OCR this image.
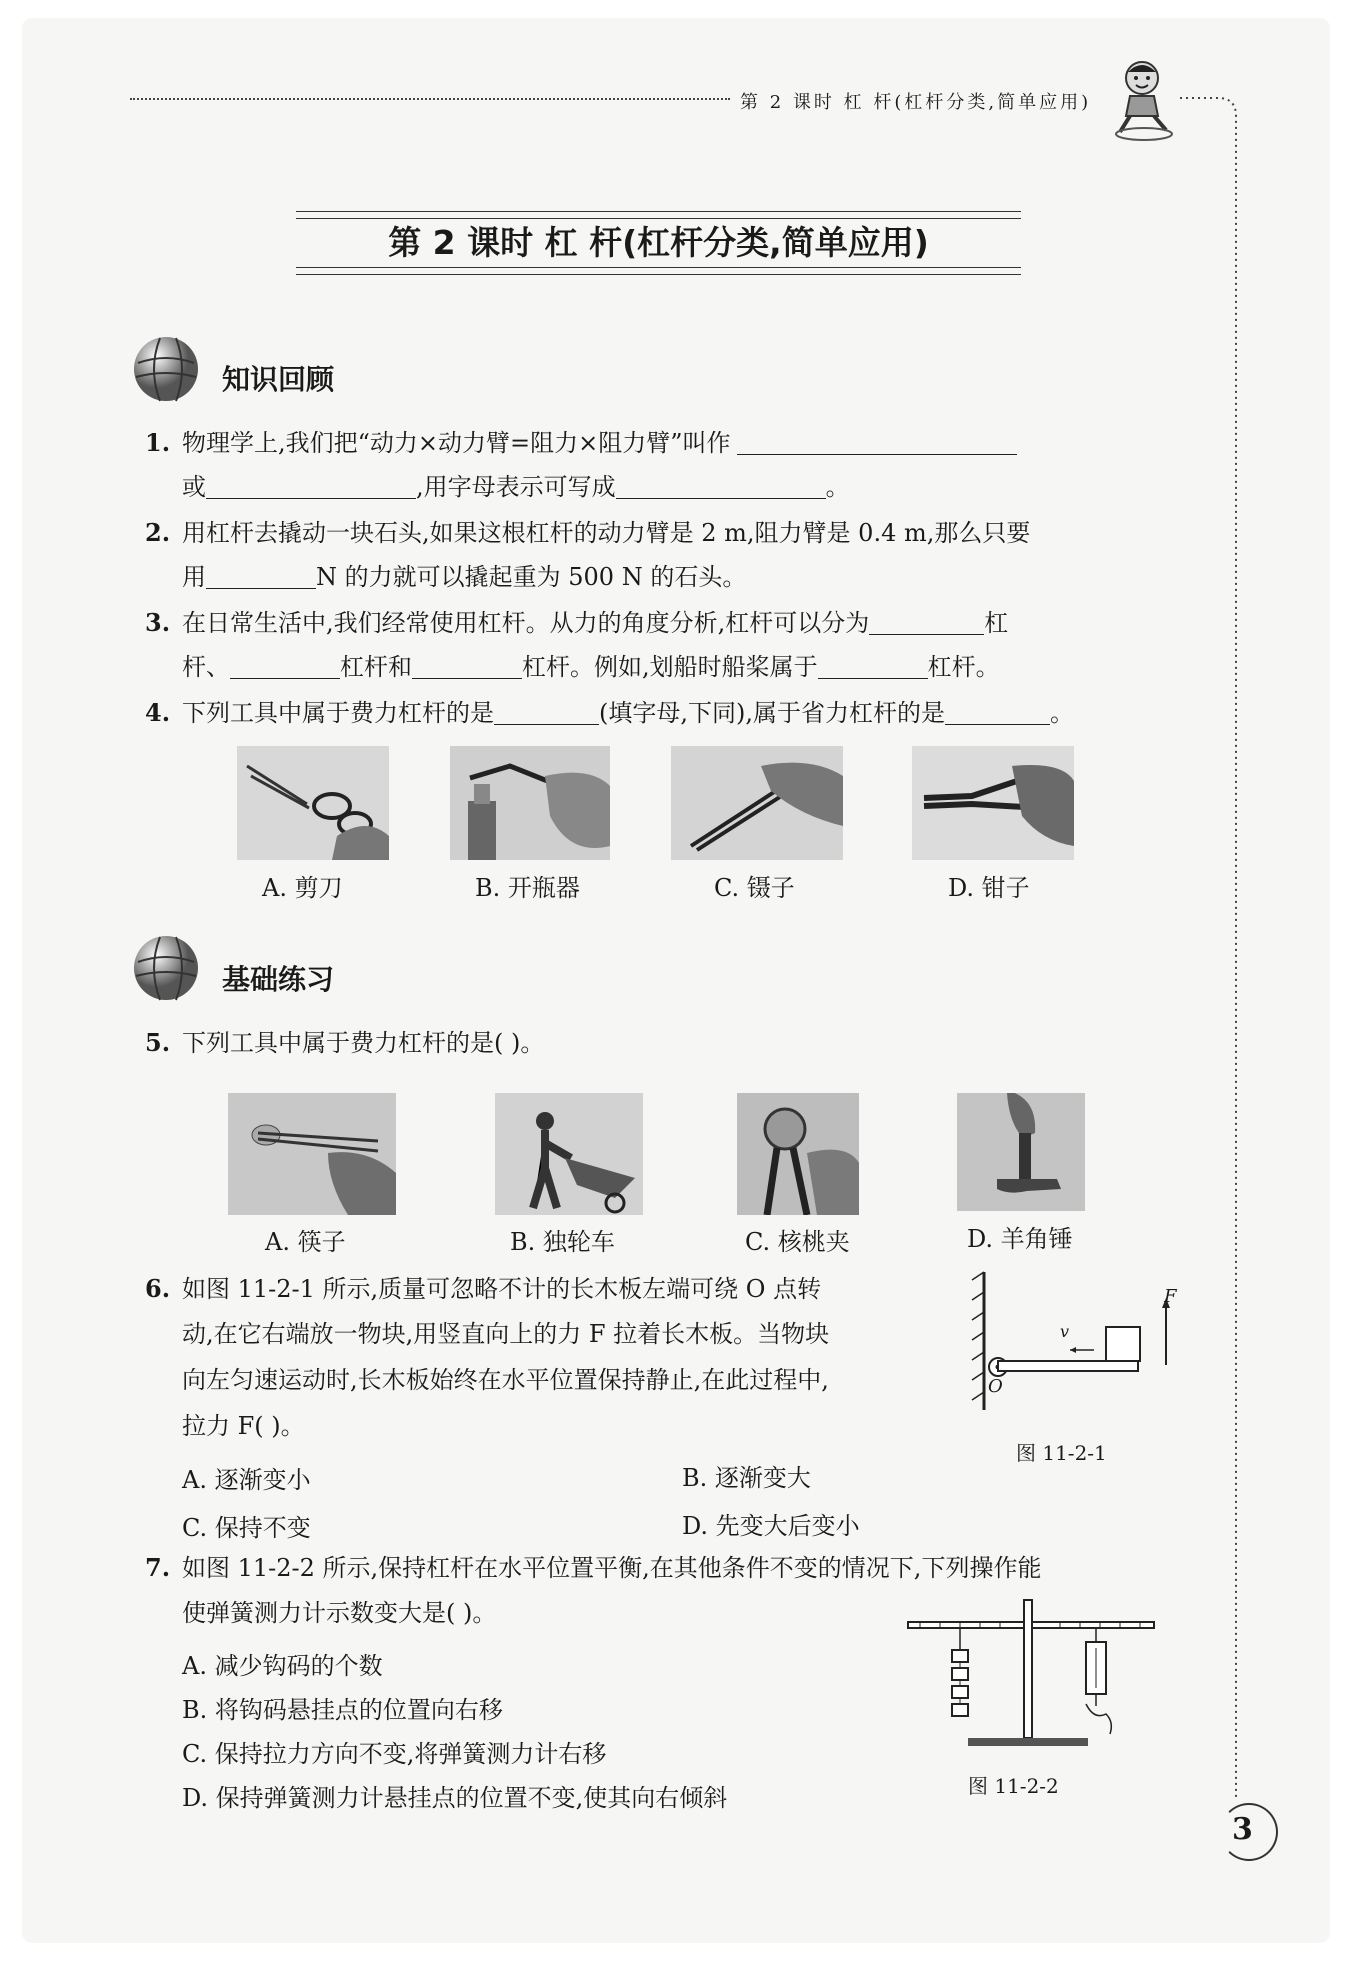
第 2 课时 杠 杆(杠杆分类,简单应用)
第 2 课时 杠 杆(杠杆分类,简单应用)
知识回顾
1. 物理学上,我们把“动力×动力臂=阻力×阻力臂”叫作
或	,用字母表示可写成	。
2. 用杠杆去撬动一块石头,如果这根杠杆的动力臂是 2 m,阻力臂是 0.4 m,那么只要
用	N 的力就可以撬起重为 500 N 的石头。
3. 在日常生活中,我们经常使用杠杆。从力的角度分析,杠杆可以分为	杠
杆、	杠杆和	杠杆。例如,划船时船桨属于	杠杆。
4. 下列工具中属于费力杠杆的是	(填字母,下同),属于省力杠杆的是	。
A. 剪刀	B. 开瓶器	C. 镊子	D. 钳子
基础练习
5. 下列工具中属于费力杠杆的是( )。
A. 筷子	B. 独轮车	C. 核桃夹	D. 羊角锤
6. 如图 11-2-1 所示,质量可忽略不计的长木板左端可绕 O 点转
动,在它右端放一物块,用竖直向上的力 F 拉着长木板。当物块
向左匀速运动时,长木板始终在水平位置保持静止,在此过程中,
拉力 F( )。
A. 逐渐变小	B. 逐渐变大
C. 保持不变	D. 先变大后变小
F
v
O
图 11-2-1
7. 如图 11-2-2 所示,保持杠杆在水平位置平衡,在其他条件不变的情况下,下列操作能
使弹簧测力计示数变大是( )。
A. 减少钩码的个数
B. 将钩码悬挂点的位置向右移
C. 保持拉力方向不变,将弹簧测力计右移
D. 保持弹簧测力计悬挂点的位置不变,使其向右倾斜	图 11-2-2
3
